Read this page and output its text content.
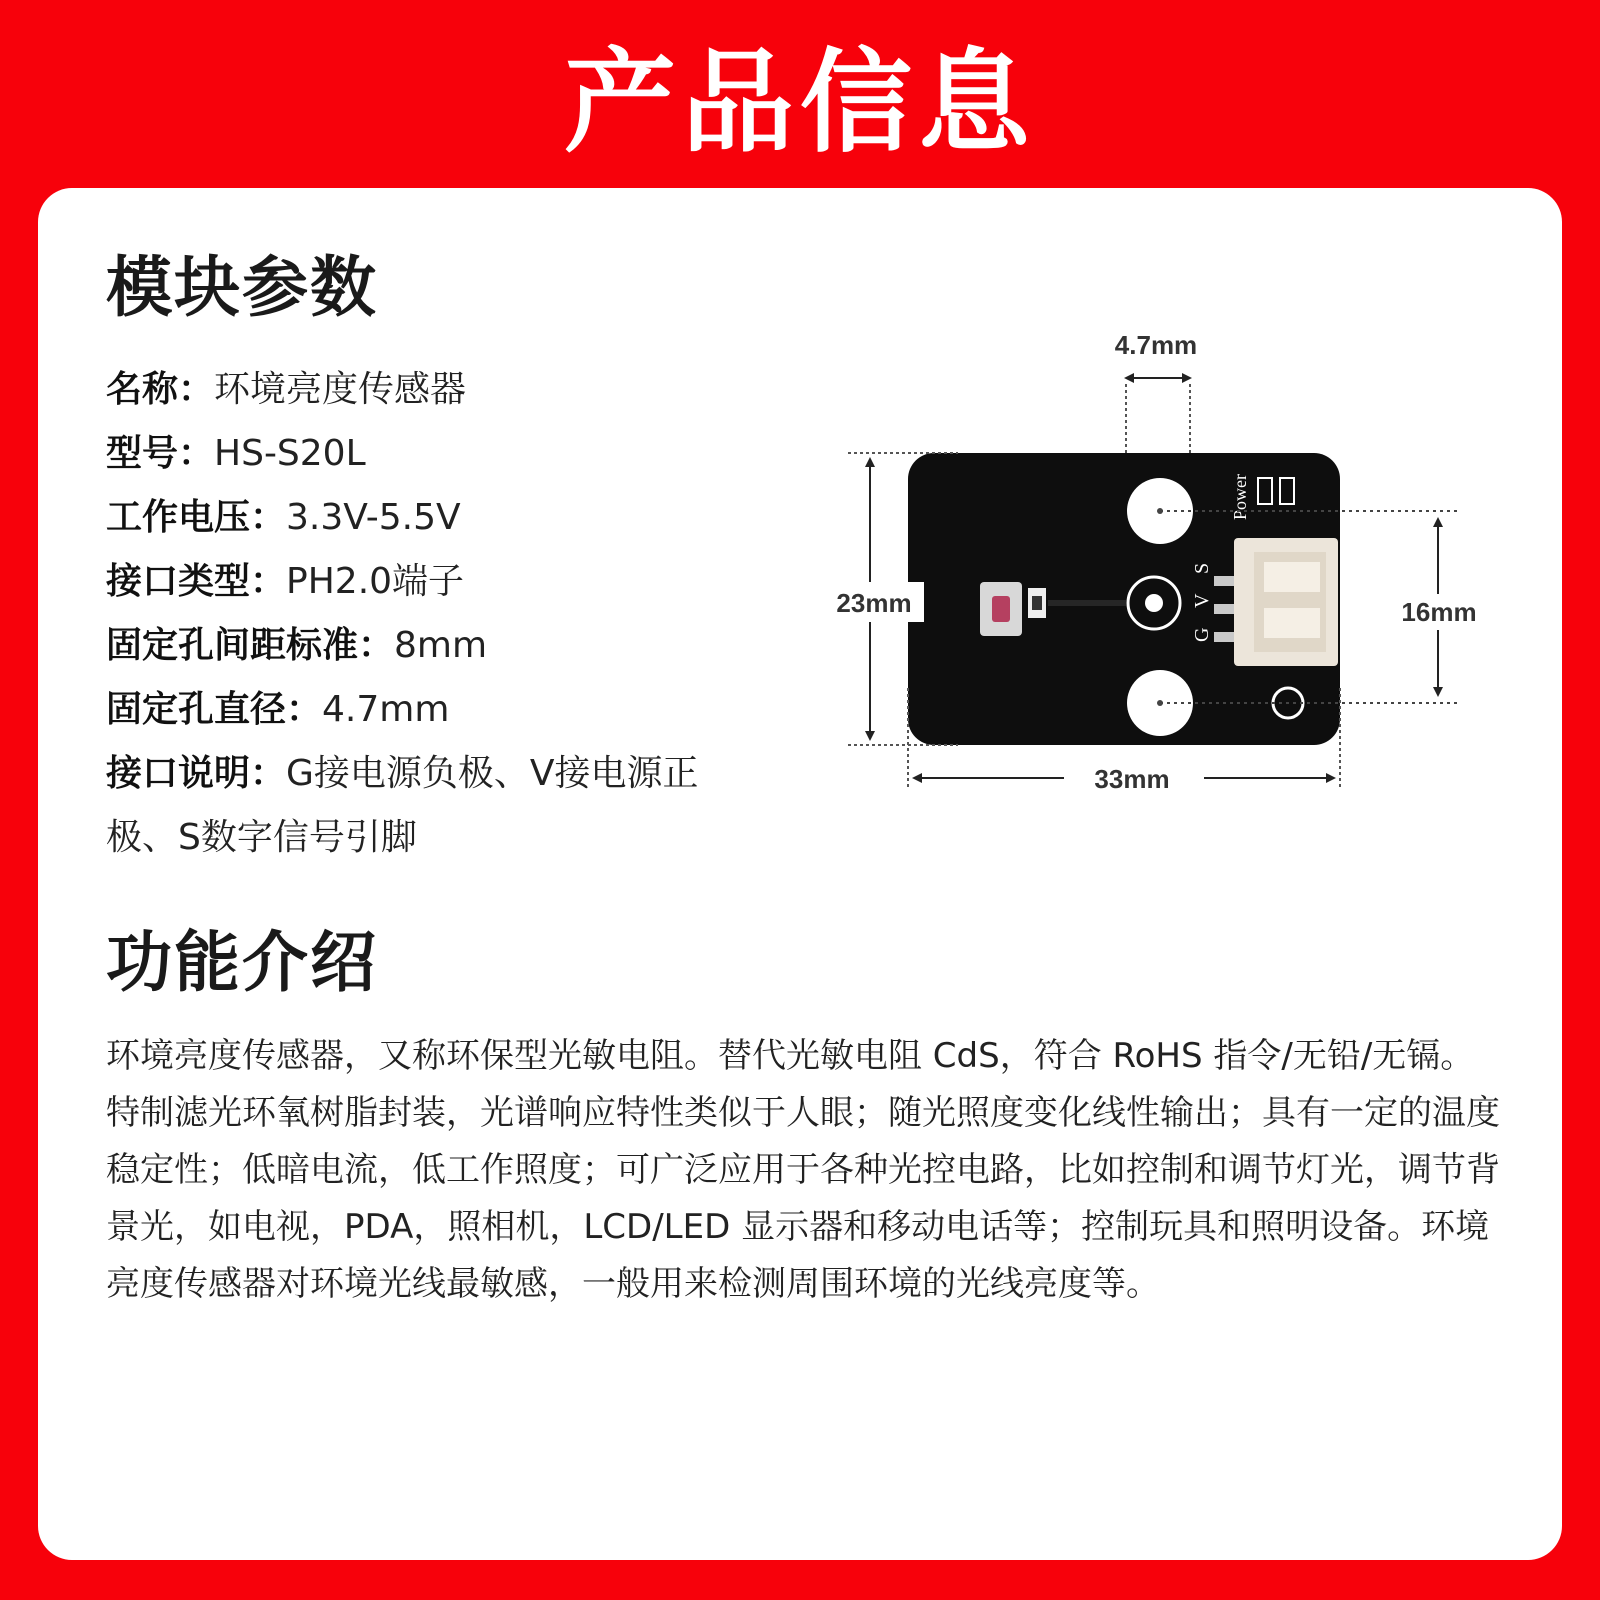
产品信息
模块参数
名称：环境亮度传感器
型号：HS-S20L
工作电压：3.3V-5.5V
接口类型：PH2.0端子
固定孔间距标准：8mm
固定孔直径：4.7mm
接口说明：G接电源负极、V接电源正极、S数字信号引脚
4.7mm
S
V
G
Power
16mm
23mm
33mm
功能介绍
环境亮度传感器，又称环保型光敏电阻。替代光敏电阻 CdS，符合 RoHS 指令/无铅/无镉。特制滤光环氧树脂封装，光谱响应特性类似于人眼；随光照度变化线性输出；具有一定的温度稳定性；低暗电流，低工作照度；可广泛应用于各种光控电路，比如控制和调节灯光，调节背景光，如电视，PDA，照相机，LCD/LED 显示器和移动电话等；控制玩具和照明设备。环境亮度传感器对环境光线最敏感，一般用来检测周围环境的光线亮度等。
